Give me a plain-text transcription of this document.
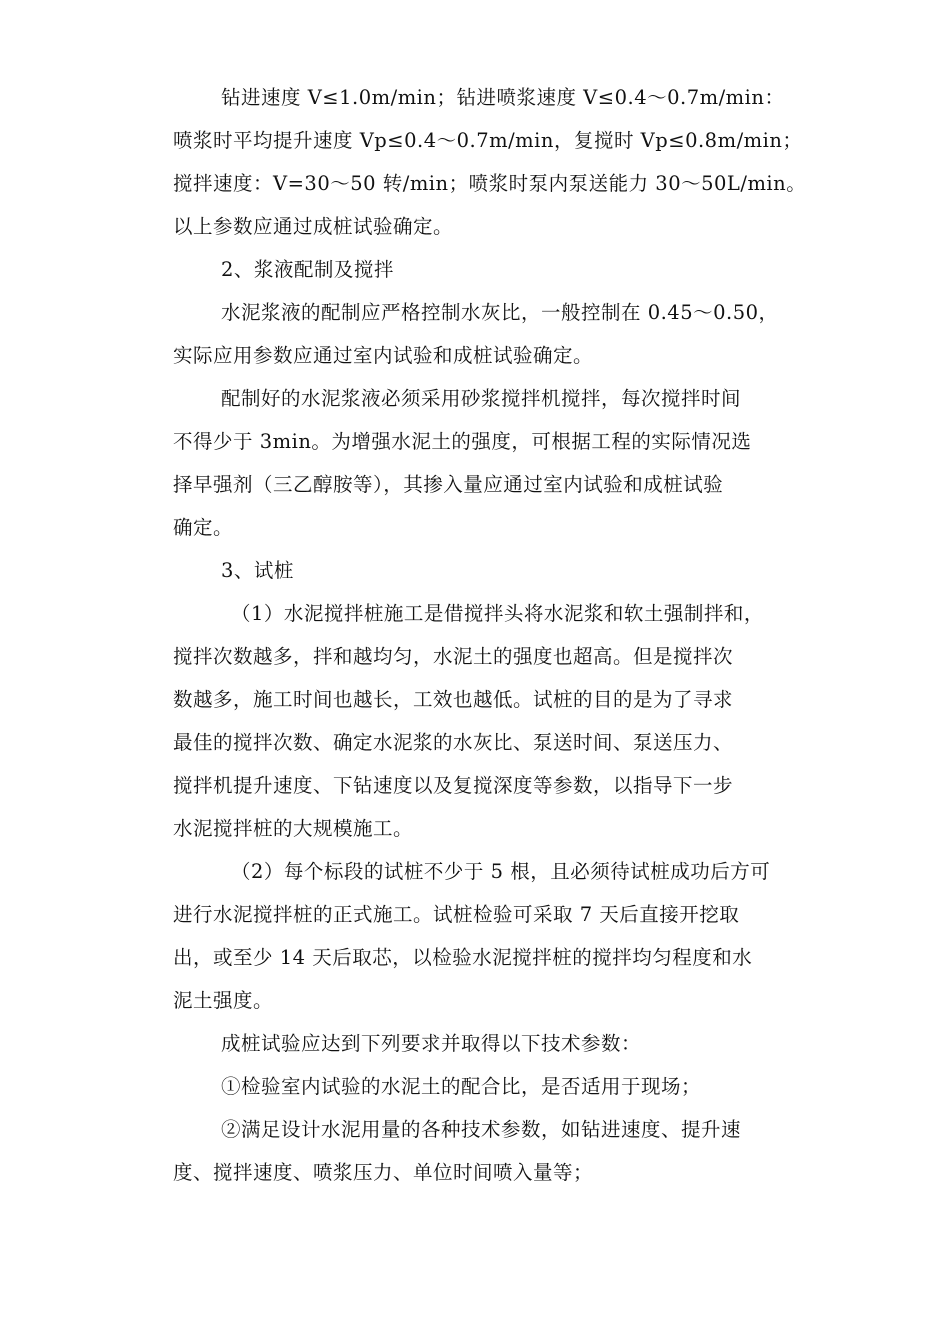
钻进速度 V≤1.0m/min；钻进喷浆速度 V≤0.4～0.7m/min：

喷浆时平均提升速度 Vp≤0.4～0.7m/min，复搅时 Vp≤0.8m/min；

搅拌速度：V=30～50 转/min；喷浆时泵内泵送能力 30～50L/min。

以上参数应通过成桩试验确定。

2、浆液配制及搅拌

水泥浆液的配制应严格控制水灰比，一般控制在 0.45～0.50，

实际应用参数应通过室内试验和成桩试验确定。

配制好的水泥浆液必须采用砂浆搅拌机搅拌，每次搅拌时间

不得少于 3min。为增强水泥土的强度，可根据工程的实际情况选

择早强剂（三乙醇胺等），其掺入量应通过室内试验和成桩试验

确定。

3、试桩

（1）水泥搅拌桩施工是借搅拌头将水泥浆和软土强制拌和，

搅拌次数越多，拌和越均匀，水泥土的强度也超高。但是搅拌次

数越多，施工时间也越长，工效也越低。试桩的目的是为了寻求

最佳的搅拌次数、确定水泥浆的水灰比、泵送时间、泵送压力、

搅拌机提升速度、下钻速度以及复搅深度等参数，以指导下一步

水泥搅拌桩的大规模施工。

（2）每个标段的试桩不少于 5 根，且必须待试桩成功后方可

进行水泥搅拌桩的正式施工。试桩检验可采取 7 天后直接开挖取

出，或至少 14 天后取芯，以检验水泥搅拌桩的搅拌均匀程度和水

泥土强度。

成桩试验应达到下列要求并取得以下技术参数：

①检验室内试验的水泥土的配合比，是否适用于现场；

②满足设计水泥用量的各种技术参数，如钻进速度、提升速

度、搅拌速度、喷浆压力、单位时间喷入量等；
